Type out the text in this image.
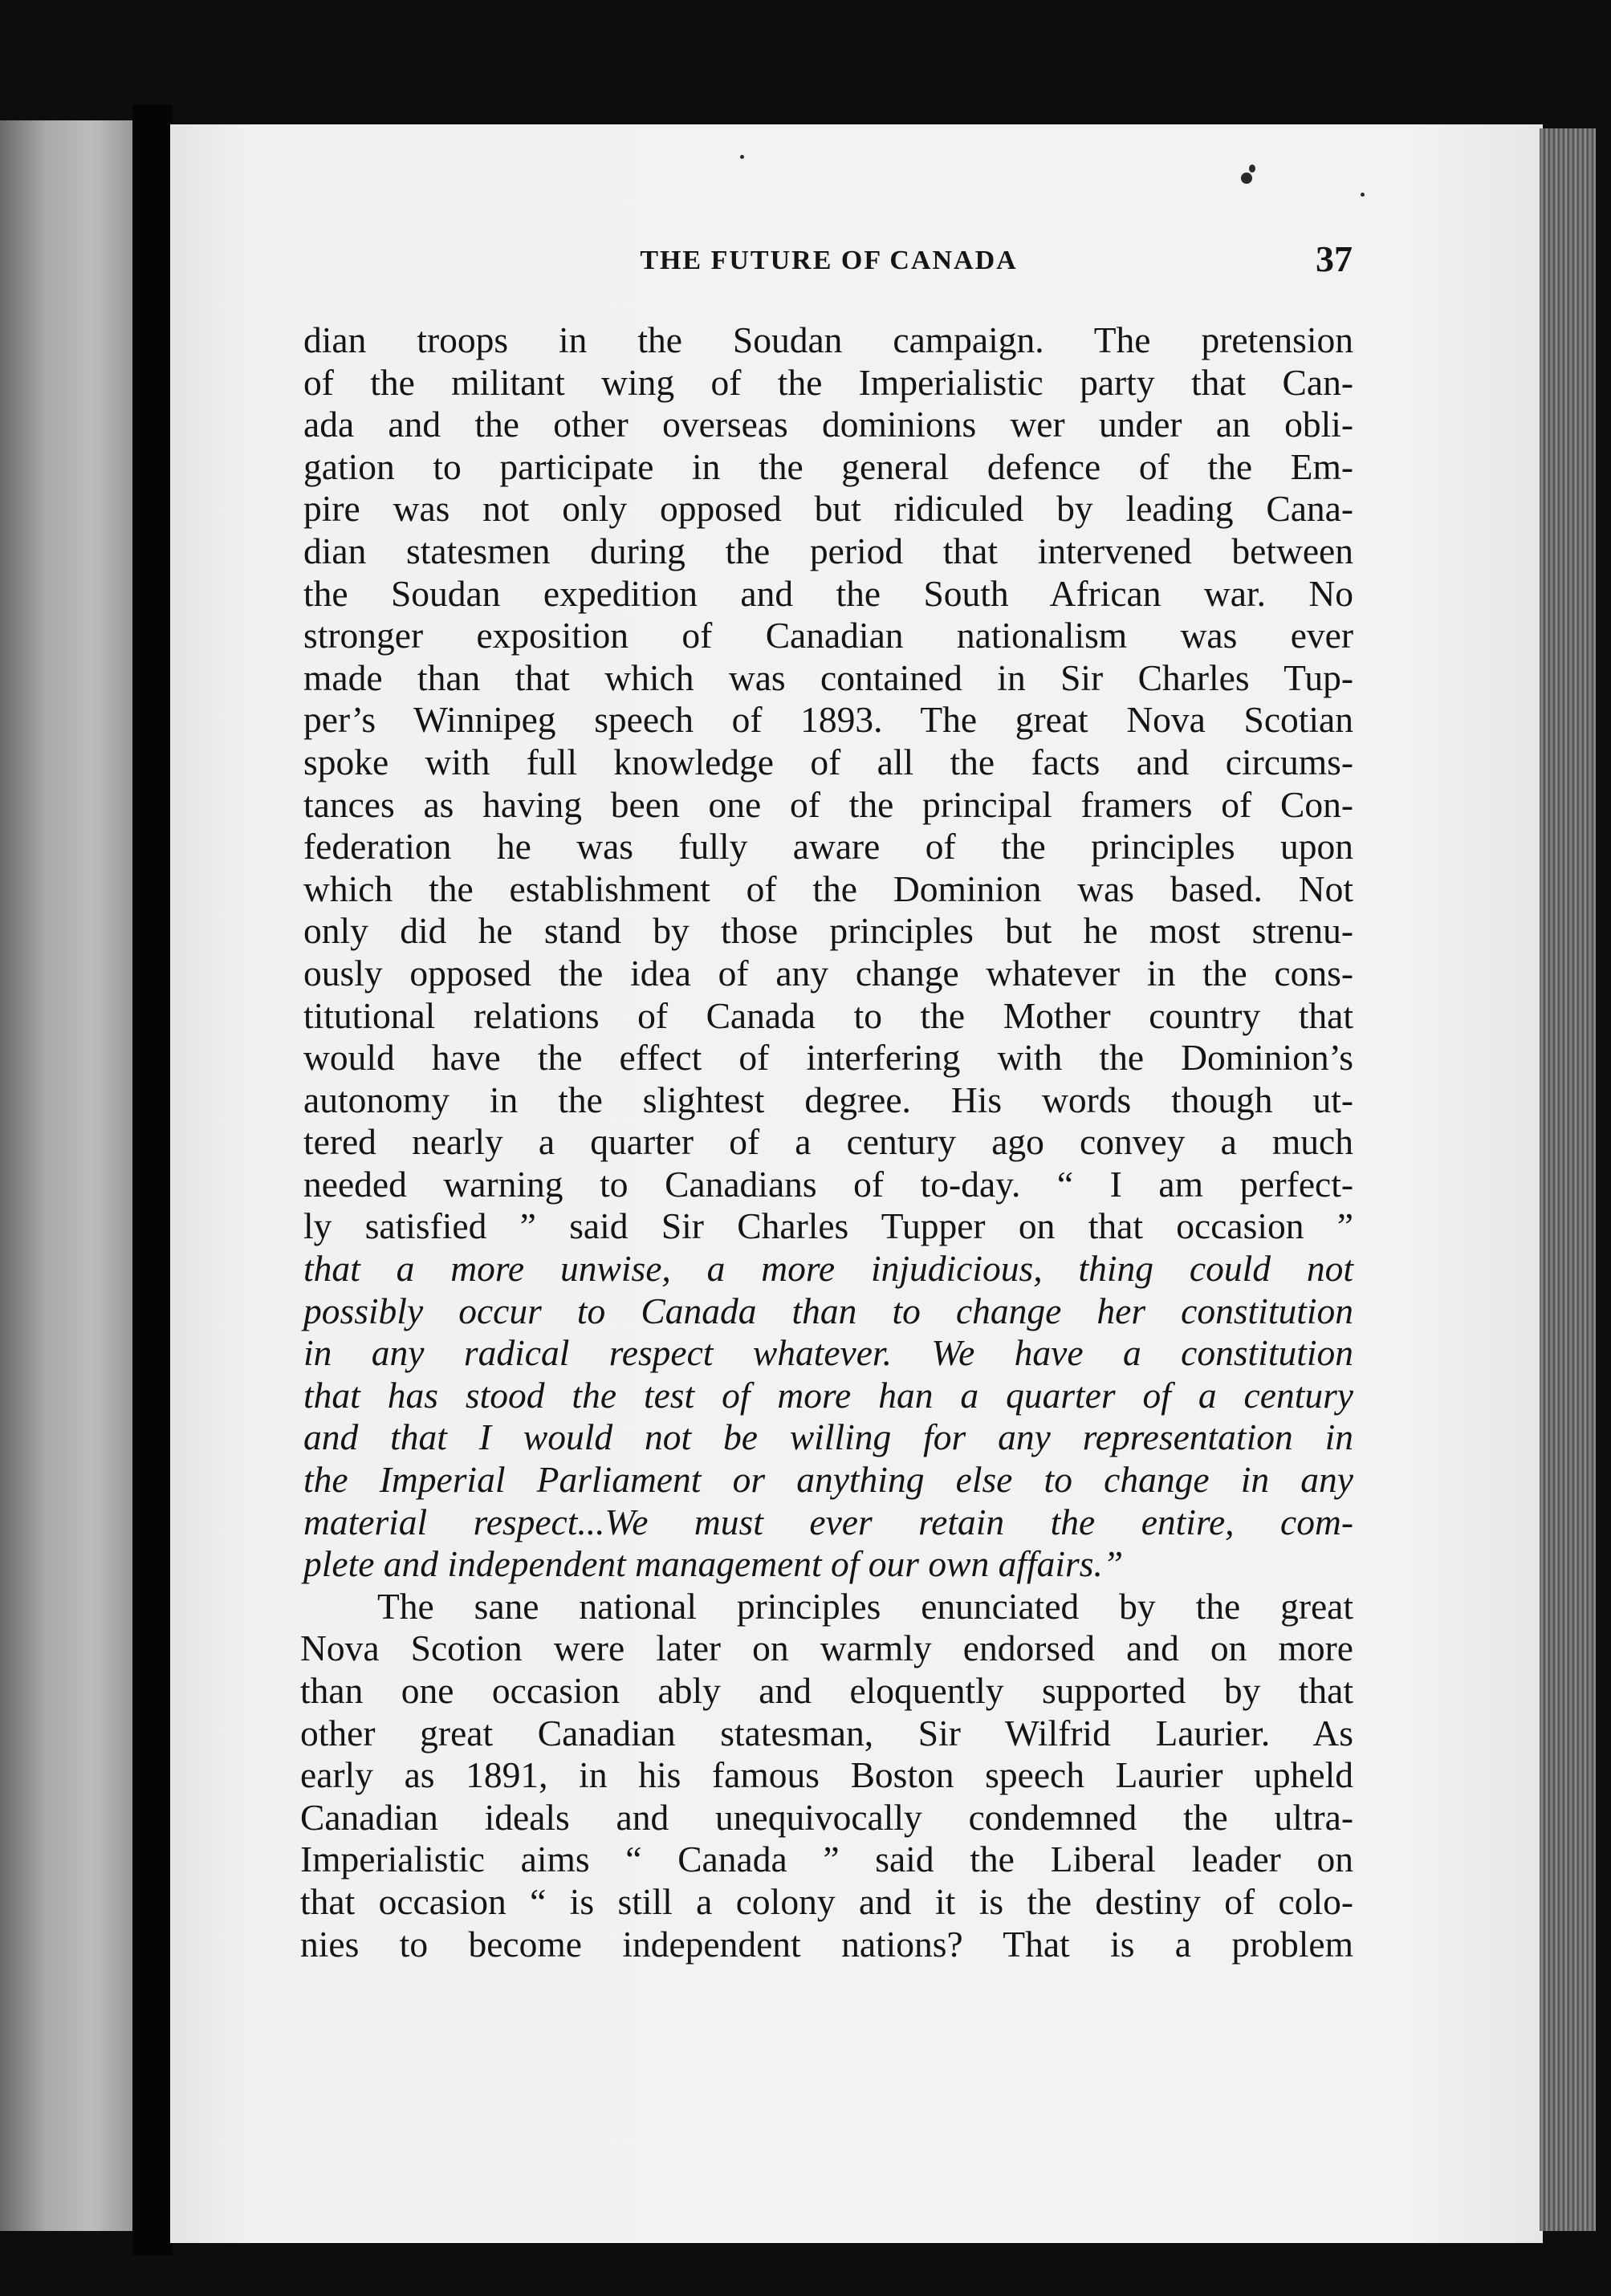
THE FUTURE OF CANADA	37
dian troops in the Soudan campaign. The pretension
of the militant wing of the Imperialistic party that Can-
ada and the other overseas dominions wer under an obli-
gation to participate in the general defence of the Em-
pire was not only opposed but ridiculed by leading Cana-
dian statesmen during the period that intervened between
the Soudan expedition and the South African war. No
stronger exposition of Canadian nationalism was ever
made than that which was contained in Sir Charles Tup-
per’s Winnipeg speech of 1893. The great Nova Scotian
spoke with full knowledge of all the facts and circums-
tances as having been one of the principal framers of Con-
federation he was fully aware of the principles upon
which the establishment of the Dominion was based. Not
only did he stand by those principles but he most strenu-
ously opposed the idea of any change whatever in the cons-
titutional relations of Canada to the Mother country that
would have the effect of interfering with the Dominion’s
autonomy in the slightest degree. His words though ut-
tered nearly a quarter of a century ago convey a much
needed warning to Canadians of to-day. “ I am perfect-
ly satisfied ” said Sir Charles Tupper on that occasion ”
that a more unwise, a more injudicious, thing could not
possibly occur to Canada than to change her constitution
in any radical respect whatever. We have a constitution
that has stood the test of more han a quarter of a century
and that I would not be willing for any representation in
the Imperial Parliament or anything else to change in any
material respect...We must ever retain the entire, com-
plete and independent management of our own affairs.”
The sane national principles enunciated by the great
Nova Scotion were later on warmly endorsed and on more
than one occasion ably and eloquently supported by that
other great Canadian statesman, Sir Wilfrid Laurier. As
early as 1891, in his famous Boston speech Laurier upheld
Canadian ideals and unequivocally condemned the ultra-
Imperialistic aims “ Canada ” said the Liberal leader on
that occasion “ is still a colony and it is the destiny of colo-
nies to become independent nations? That is a problem
